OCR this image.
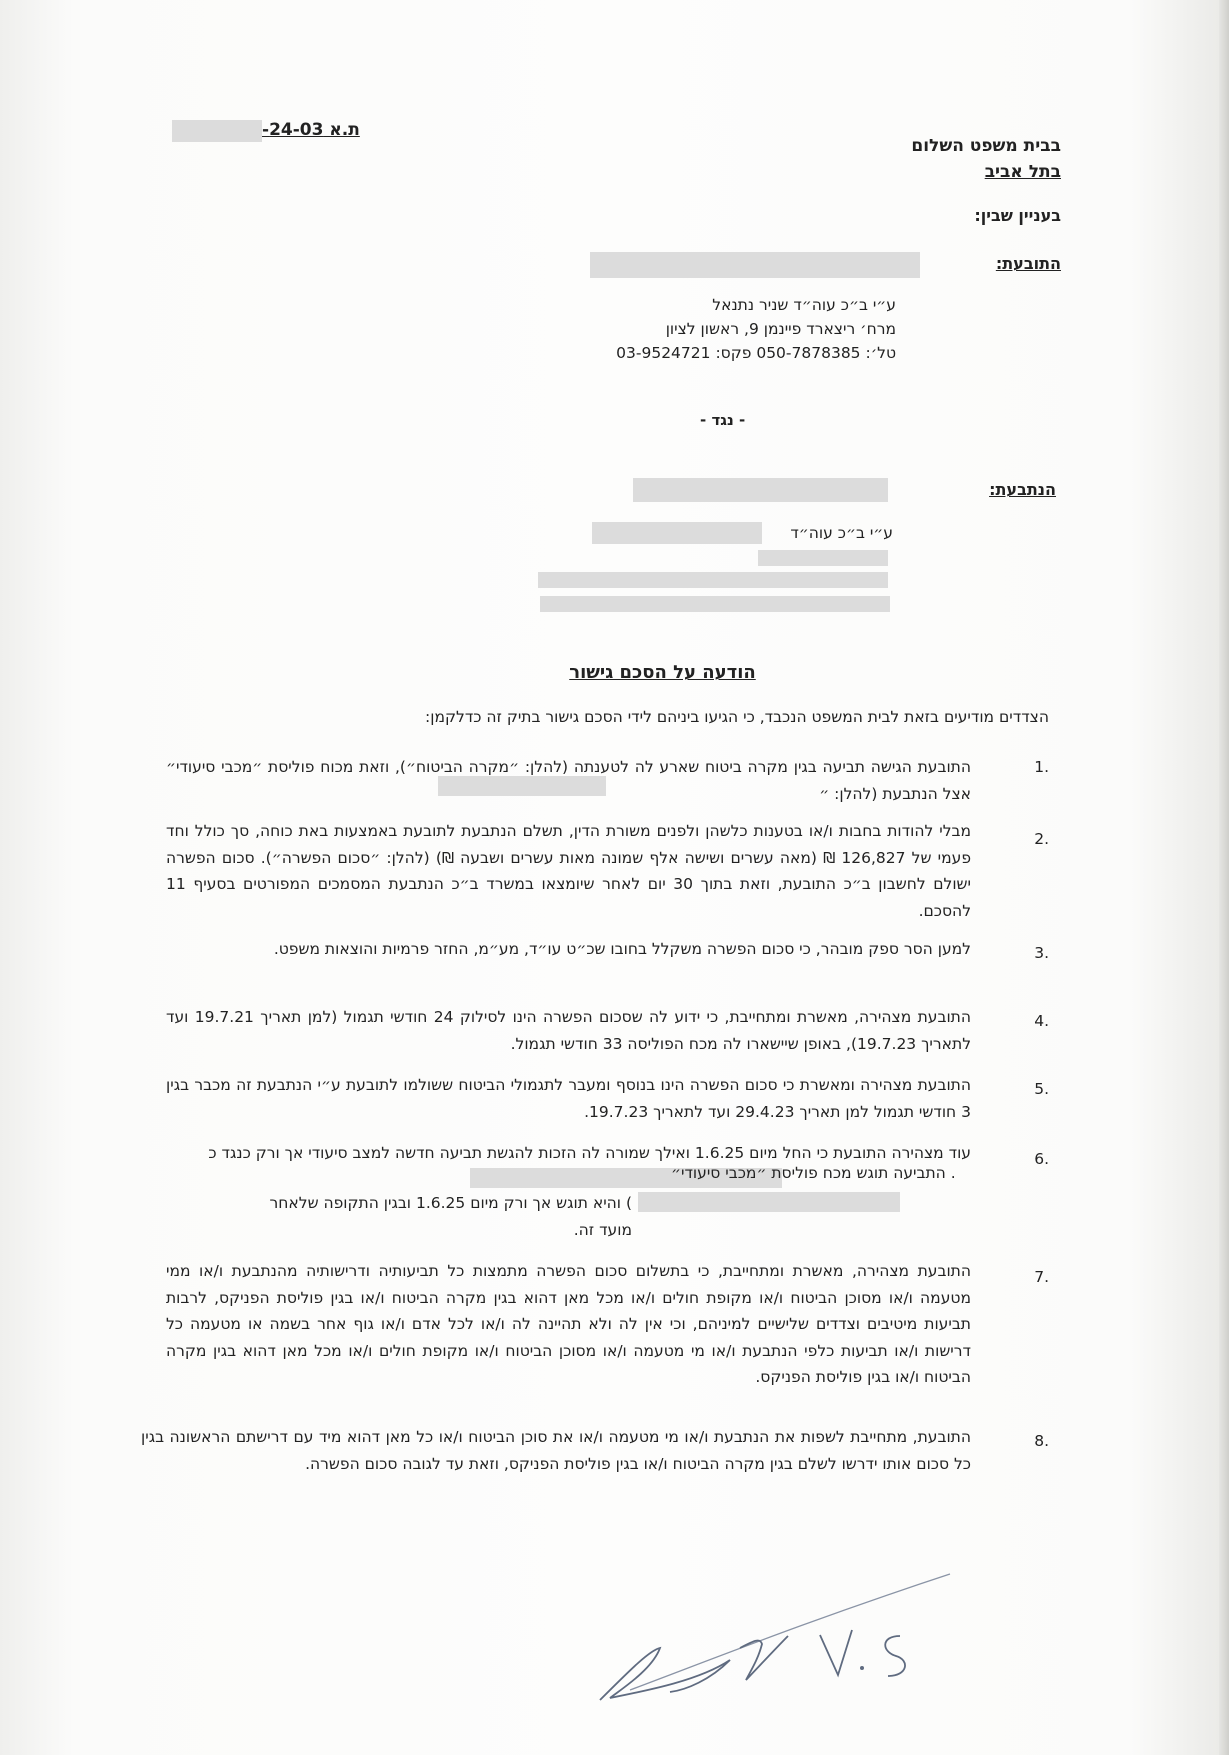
ת.א 24-03-
בבית משפט השלום
בתל אביב
בעניין שבין:
התובעת:
ע״י ב״כ עוה״ד שניר נתנאל
מרח׳ ריצארד פיינמן 9, ראשון לציון
טל׳: 050-7878385 פקס: 03-9524721
- נגד -
הנתבעת:
ע״י ב״כ עוה״ד
הודעה על הסכם גישור
הצדדים מודיעים בזאת לבית המשפט הנכבד, כי הגיעו ביניהם לידי הסכם גישור בתיק זה כדלקמן:
1.
התובעת הגישה תביעה בגין מקרה ביטוח שארע לה לטענתה (להלן: ״מקרה הביטוח״), וזאת מכוח פוליסת ״מכבי סיעודי״ אצל הנתבעת (להלן: ״
2.
מבלי להודות בחבות ו/או בטענות כלשהן ולפנים משורת הדין, תשלם הנתבעת לתובעת באמצעות באת כוחה, סך כולל וחד פעמי של 126,827 ₪ (מאה עשרים ושישה אלף שמונה מאות עשרים ושבעה ₪) (להלן: ״סכום הפשרה״). סכום הפשרה ישולם לחשבון ב״כ התובעת, וזאת בתוך 30 יום לאחר שיומצאו במשרד ב״כ הנתבעת המסמכים המפורטים בסעיף 11 להסכם.
3.
למען הסר ספק מובהר, כי סכום הפשרה משקלל בחובו שכ״ט עו״ד, מע״מ, החזר פרמיות והוצאות משפט.
4.
התובעת מצהירה, מאשרת ומתחייבת, כי ידוע לה שסכום הפשרה הינו לסילוק 24 חודשי תגמול (למן תאריך 19.7.21 ועד לתאריך 19.7.23), באופן שיישארו לה מכח הפוליסה 33 חודשי תגמול.
5.
התובעת מצהירה ומאשרת כי סכום הפשרה הינו בנוסף ומעבר לתגמולי הביטוח ששולמו לתובעת ע״י הנתבעת זה מכבר בגין 3 חודשי תגמול למן תאריך 29.4.23 ועד לתאריך 19.7.23.
6.
עוד מצהירה התובעת כי החל מיום 1.6.25 ואילך שמורה לה הזכות להגשת תביעה חדשה למצב סיעודי אך ורק כנגד כ
. התביעה תוגש מכח פוליסת ״מכבי סיעודי״
) והיא תוגש אך ורק מיום 1.6.25 ובגין התקופה שלאחר מועד זה.
7.
התובעת מצהירה, מאשרת ומתחייבת, כי בתשלום סכום הפשרה מתמצות כל תביעותיה ודרישותיה מהנתבעת ו/או ממי מטעמה ו/או מסוכן הביטוח ו/או מקופת חולים ו/או מכל מאן דהוא בגין מקרה הביטוח ו/או בגין פוליסת הפניקס, לרבות תביעות מיטיבים וצדדים שלישיים למיניהם, וכי אין לה ולא תהיינה לה ו/או לכל אדם ו/או גוף אחר בשמה או מטעמה כל דרישות ו/או תביעות כלפי הנתבעת ו/או מי מטעמה ו/או מסוכן הביטוח ו/או מקופת חולים ו/או מכל מאן דהוא בגין מקרה הביטוח ו/או בגין פוליסת הפניקס.
8.
התובעת, מתחייבת לשפות את הנתבעת ו/או מי מטעמה ו/או את סוכן הביטוח ו/או כל מאן דהוא מיד עם דרישתם הראשונה בגין כל סכום אותו ידרשו לשלם בגין מקרה הביטוח ו/או בגין פוליסת הפניקס, וזאת עד לגובה סכום הפשרה.
